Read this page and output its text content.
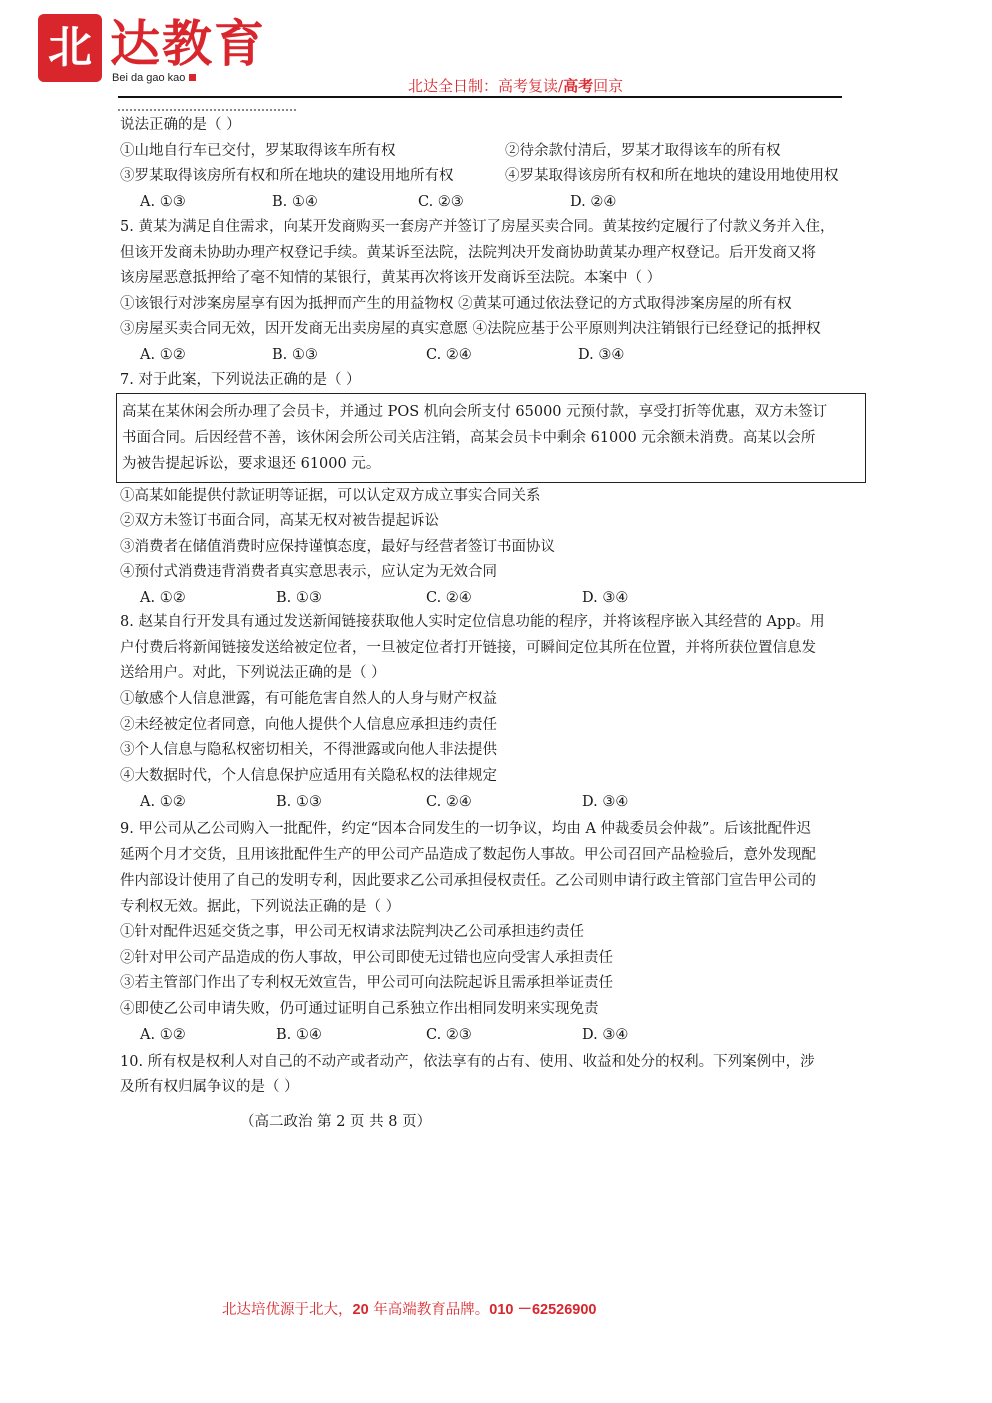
北 达教育
Bei da gao kao	北达全日制：高考复读/高考回京
说法正确的是（ ）
①山地自行车已交付，罗某取得该车所有权	②待余款付清后，罗某才取得该车的所有权
③罗某取得该房所有权和所在地块的建设用地所有权	④罗某取得该房所有权和所在地块的建设用地使用权
A. ①③	B. ①④	C. ②③	D. ②④
5. 黄某为满足自住需求，向某开发商购买一套房产并签订了房屋买卖合同。黄某按约定履行了付款义务并入住，
但该开发商未协助办理产权登记手续。黄某诉至法院，法院判决开发商协助黄某办理产权登记。后开发商又将
该房屋恶意抵押给了毫不知情的某银行，黄某再次将该开发商诉至法院。本案中（ ）
①该银行对涉案房屋享有因为抵押而产生的用益物权 ②黄某可通过依法登记的方式取得涉案房屋的所有权
③房屋买卖合同无效，因开发商无出卖房屋的真实意愿 ④法院应基于公平原则判决注销银行已经登记的抵押权
A. ①②	B. ①③	C. ②④	D. ③④
7. 对于此案，下列说法正确的是（ ）
高某在某休闲会所办理了会员卡，并通过 POS 机向会所支付 65000 元预付款，享受打折等优惠，双方未签订
书面合同。后因经营不善，该休闲会所公司关店注销，高某会员卡中剩余 61000 元余额未消费。高某以会所
为被告提起诉讼，要求退还 61000 元。
①高某如能提供付款证明等证据，可以认定双方成立事实合同关系
②双方未签订书面合同，高某无权对被告提起诉讼
③消费者在储值消费时应保持谨慎态度，最好与经营者签订书面协议
④预付式消费违背消费者真实意思表示，应认定为无效合同
A. ①②	B. ①③	C. ②④	D. ③④
8. 赵某自行开发具有通过发送新闻链接获取他人实时定位信息功能的程序，并将该程序嵌入其经营的 App。用
户付费后将新闻链接发送给被定位者，一旦被定位者打开链接，可瞬间定位其所在位置，并将所获位置信息发
送给用户。对此，下列说法正确的是（ ）
①敏感个人信息泄露，有可能危害自然人的人身与财产权益
②未经被定位者同意，向他人提供个人信息应承担违约责任
③个人信息与隐私权密切相关，不得泄露或向他人非法提供
④大数据时代，个人信息保护应适用有关隐私权的法律规定
A. ①②	B. ①③	C. ②④	D. ③④
9. 甲公司从乙公司购入一批配件，约定“因本合同发生的一切争议，均由 A 仲裁委员会仲裁”。后该批配件迟
延两个月才交货，且用该批配件生产的甲公司产品造成了数起伤人事故。甲公司召回产品检验后，意外发现配
件内部设计使用了自己的发明专利，因此要求乙公司承担侵权责任。乙公司则申请行政主管部门宣告甲公司的
专利权无效。据此，下列说法正确的是（ ）
①针对配件迟延交货之事，甲公司无权请求法院判决乙公司承担违约责任
②针对甲公司产品造成的伤人事故，甲公司即使无过错也应向受害人承担责任
③若主管部门作出了专利权无效宣告，甲公司可向法院起诉且需承担举证责任
④即使乙公司申请失败，仍可通过证明自己系独立作出相同发明来实现免责
A. ①②	B. ①④	C. ②③	D. ③④
10. 所有权是权利人对自己的不动产或者动产，依法享有的占有、使用、收益和处分的权利。下列案例中，涉
及所有权归属争议的是（ ）
（高二政治 第 2 页 共 8 页）
北达培优源于北大，20 年高端教育品牌。010 －62526900
